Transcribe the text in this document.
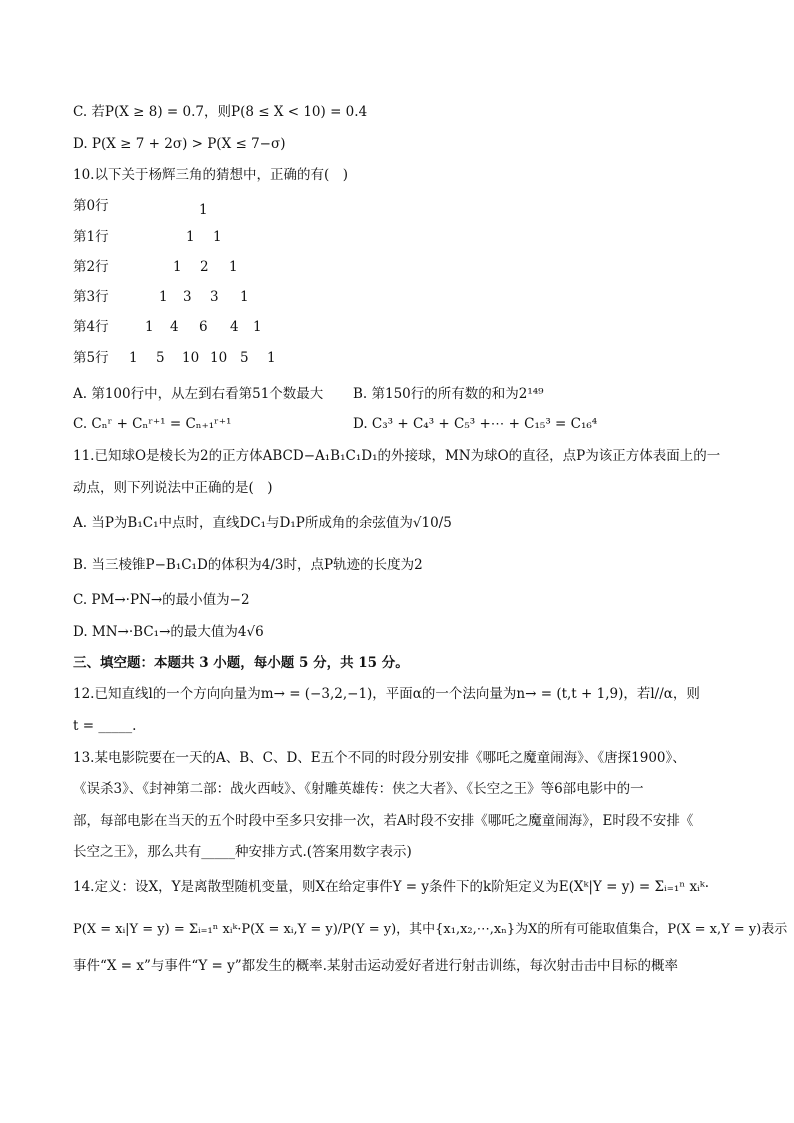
C. 若P(X ≥ 8) = 0.7，则P(8 ≤ X < 10) = 0.4
D. P(X ≥ 7 + 2σ) > P(X ≤ 7−σ)
10.以下关于杨辉三角的猜想中，正确的有(　)
第0行
第1行
第2行
第3行
第4行
第5行
1
1 1
1 2 1
1 3 3 1
1 4 6 4 1
1 5 10 10 5 1
A. 第100行中，从左到右看第51个数最大 B. 第150行的所有数的和为2¹⁴⁹
C. Cₙʳ + Cₙʳ⁺¹ = Cₙ₊₁ʳ⁺¹	D. C₃³ + C₄³ + C₅³ +⋯ + C₁₅³ = C₁₆⁴
11.已知球O是棱长为2的正方体ABCD−A₁B₁C₁D₁的外接球，MN为球O的直径，点P为该正方体表面上的一
动点，则下列说法中正确的是(　)
A. 当P为B₁C₁中点时，直线DC₁与D₁P所成角的余弦值为√10/5
B. 当三棱锥P−B₁C₁D的体积为4/3时，点P轨迹的长度为2
C. PM→·PN→的最小值为−2
D. MN→·BC₁→的最大值为4√6
三、填空题：本题共 3 小题，每小题 5 分，共 15 分。
12.已知直线l的一个方向向量为m→ = (−3,2,−1)，平面α的一个法向量为n→ = (t,t + 1,9)，若l//α，则
t = _____.
13.某电影院要在一天的A、B、C、D、E五个不同的时段分别安排《哪吒之魔童闹海》、《唐探1900》、
《误杀3》、《封神第二部：战火西岐》、《射雕英雄传：侠之大者》、《长空之王》等6部电影中的一
部，每部电影在当天的五个时段中至多只安排一次，若A时段不安排《哪吒之魔童闹海》，E时段不安排《
长空之王》，那么共有_____种安排方式.(答案用数字表示)
14.定义：设X，Y是离散型随机变量，则X在给定事件Y = y条件下的k阶矩定义为E(Xᵏ|Y = y) = Σᵢ₌₁ⁿ xᵢᵏ·
P(X = xᵢ|Y = y) = Σᵢ₌₁ⁿ xᵢᵏ·P(X = xᵢ,Y = y)/P(Y = y)，其中{x₁,x₂,⋯,xₙ}为X的所有可能取值集合，P(X = x,Y = y)表示
事件“X = x”与事件“Y = y”都发生的概率.某射击运动爱好者进行射击训练，每次射击击中目标的概率
